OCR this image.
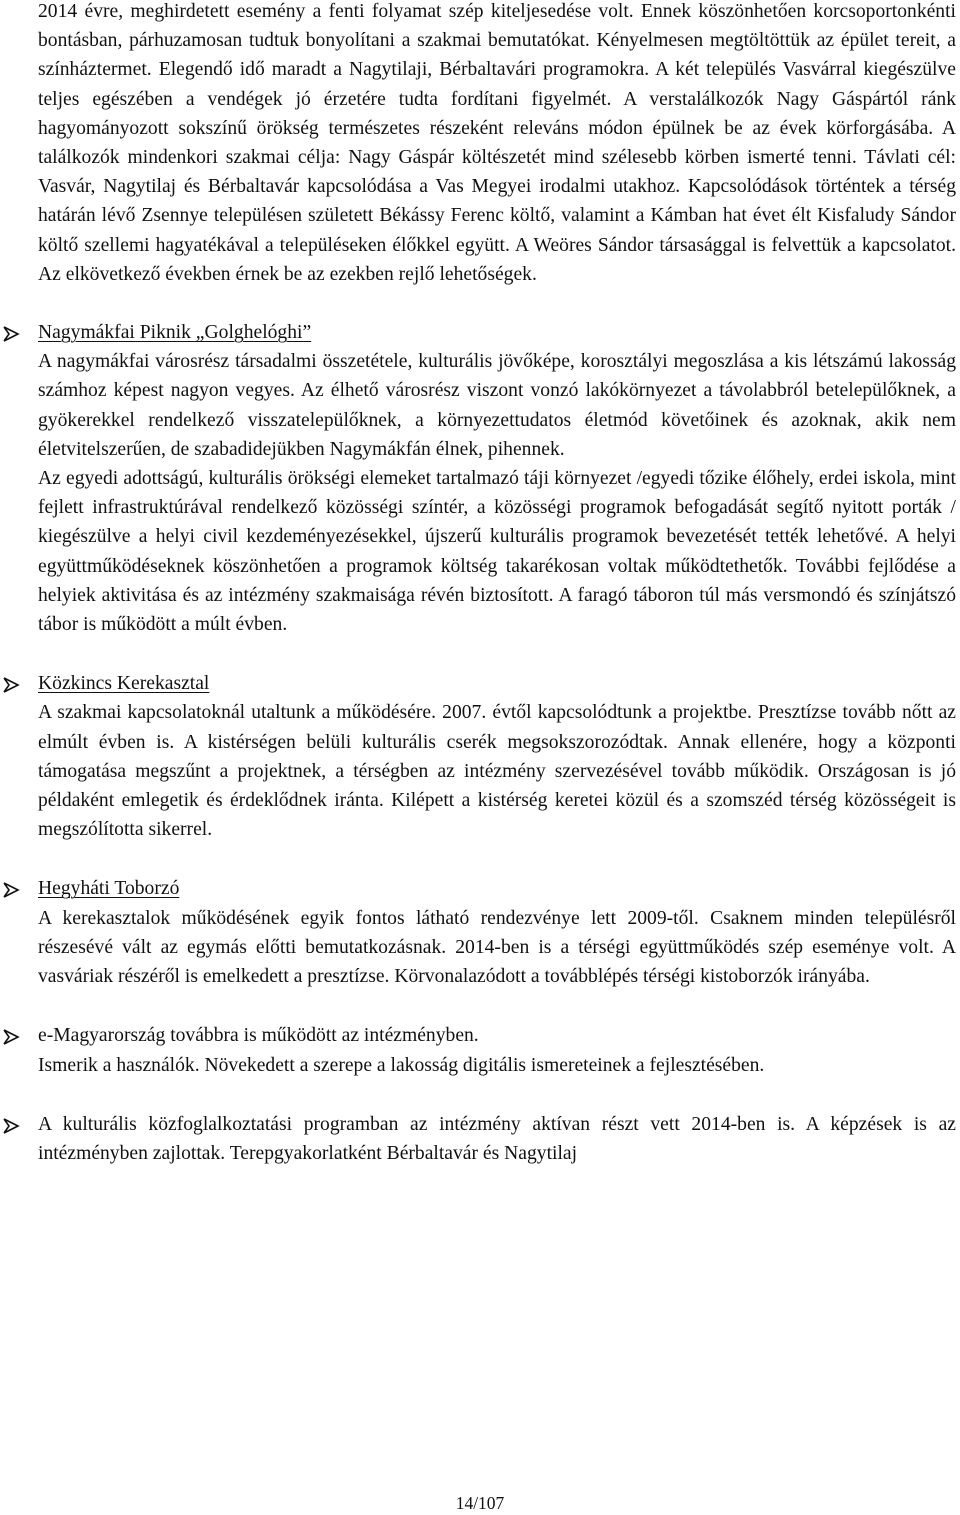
2014 évre, meghirdetett esemény a fenti folyamat szép kiteljesedése volt. Ennek köszönhetően korcsoportonkénti bontásban, párhuzamosan tudtuk bonyolítani a szakmai bemutatókat. Kényelmesen megtöltöttük az épület tereit, a színháztermet. Elegendő idő maradt a Nagytilaji, Bérbaltavári programokra. A két település Vasvárral kiegészülve teljes egészében a vendégek jó érzetére tudta fordítani figyelmét. A verstalálkozók Nagy Gáspártól ránk hagyományozott sokszínű örökség természetes részeként releváns módon épülnek be az évek körforgásába. A találkozók mindenkori szakmai célja: Nagy Gáspár költészetét mind szélesebb körben ismerté tenni. Távlati cél: Vasvár, Nagytilaj és Bérbaltavár kapcsolódása a Vas Megyei irodalmi utakhoz. Kapcsolódások történtek a térség határán lévő Zsennye településen született Békássy Ferenc költő, valamint a Kámban hat évet élt Kisfaludy Sándor költő szellemi hagyatékával a településeken élőkkel együtt. A Weöres Sándor társasággal is felvettük a kapcsolatot. Az elkövetkező években érnek be az ezekben rejlő lehetőségek.

Nagymákfai Piknik „Golghelóghi”

A nagymákfai városrész társadalmi összetétele, kulturális jövőképe, korosztályi megoszlása a kis létszámú lakosság számhoz képest nagyon vegyes. Az élhető városrész viszont vonzó lakókörnyezet a távolabbról betelepülőknek, a gyökerekkel rendelkező visszatelepülőknek, a környezettudatos életmód követőinek és azoknak, akik nem életvitelszerűen, de szabadidejükben Nagymákfán élnek, pihennek.

Az egyedi adottságú, kulturális örökségi elemeket tartalmazó táji környezet /egyedi tőzike élőhely, erdei iskola, mint fejlett infrastruktúrával rendelkező közösségi színtér, a közösségi programok befogadását segítő nyitott porták / kiegészülve a helyi civil kezdeményezésekkel, újszerű kulturális programok bevezetését tették lehetővé. A helyi együttműködéseknek köszönhetően a programok költség takarékosan voltak működtethetők. További fejlődése a helyiek aktivitása és az intézmény szakmaisága révén biztosított. A faragó táboron túl más versmondó és színjátszó tábor is működött a múlt évben.

Közkincs Kerekasztal

A szakmai kapcsolatoknál utaltunk a működésére. 2007. évtől kapcsolódtunk a projektbe. Presztízse tovább nőtt az elmúlt évben is. A kistérségen belüli kulturális cserék megsokszorozódtak. Annak ellenére, hogy a központi támogatása megszűnt a projektnek, a térségben az intézmény szervezésével tovább működik. Országosan is jó példaként emlegetik és érdeklődnek iránta. Kilépett a kistérség keretei közül és a szomszéd térség közösségeit is megszólította sikerrel.

Hegyháti Toborzó

A kerekasztalok működésének egyik fontos látható rendezvénye lett 2009-től. Csaknem minden településről részesévé vált az egymás előtti bemutatkozásnak. 2014-ben is a térségi együttműködés szép eseménye volt. A vasváriak részéről is emelkedett a presztízse. Körvonalazódott a továbblépés térségi kistoborzók irányába.

e-Magyarország továbbra is működött az intézményben.

Ismerik a használók. Növekedett a szerepe a lakosság digitális ismereteinek a fejlesztésében.

A kulturális közfoglalkoztatási programban az intézmény aktívan részt vett 2014-ben is. A képzések is az intézményben zajlottak. Terepgyakorlatként Bérbaltavár és Nagytilaj

14/107
